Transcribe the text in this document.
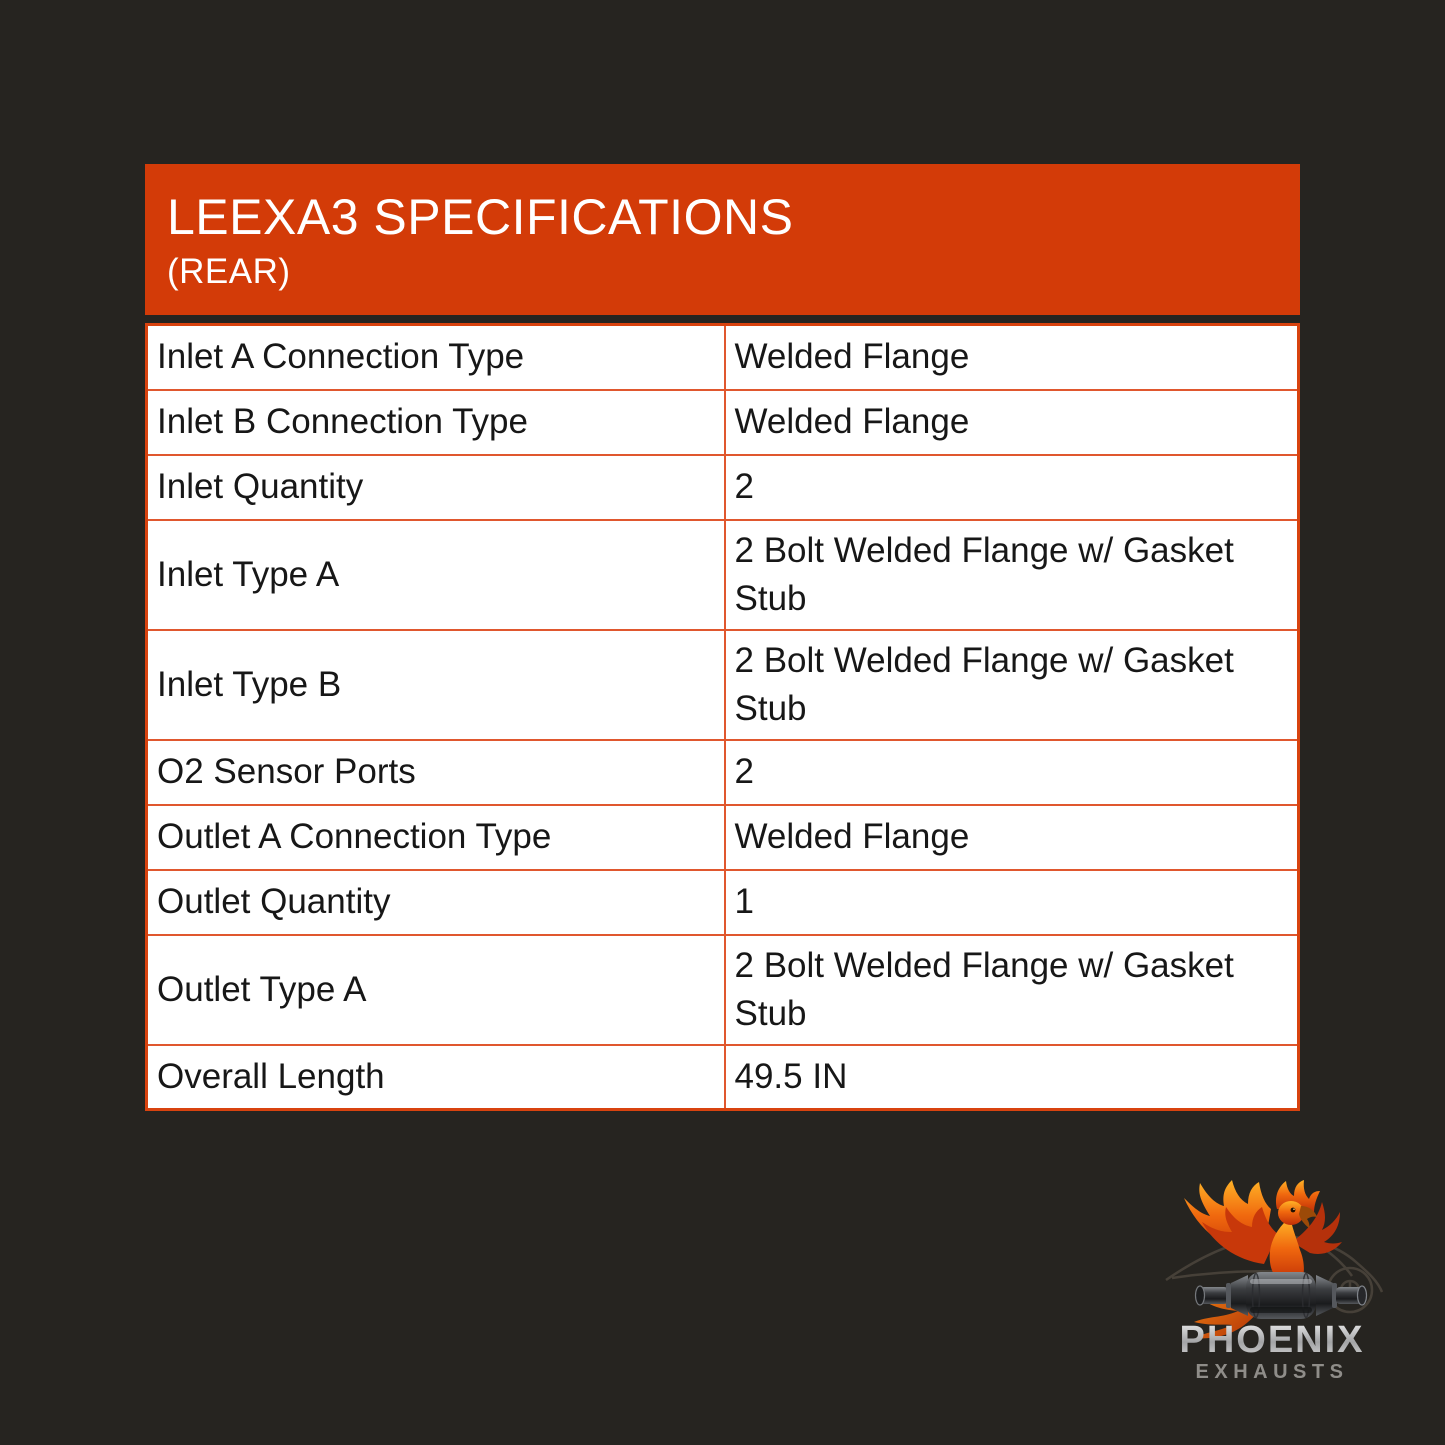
LEEXA3 SPECIFICATIONS
(REAR)
Inlet A Connection Type	Welded Flange
Inlet B Connection Type	Welded Flange
Inlet Quantity	2
Inlet Type A	2 Bolt Welded Flange w/ Gasket Stub
Inlet Type B	2 Bolt Welded Flange w/ Gasket Stub
O2 Sensor Ports	2
Outlet A Connection Type	Welded Flange
Outlet Quantity	1
Outlet Type A	2 Bolt Welded Flange w/ Gasket Stub
Overall Length	49.5 IN
PHOENIX
EXHAUSTS
